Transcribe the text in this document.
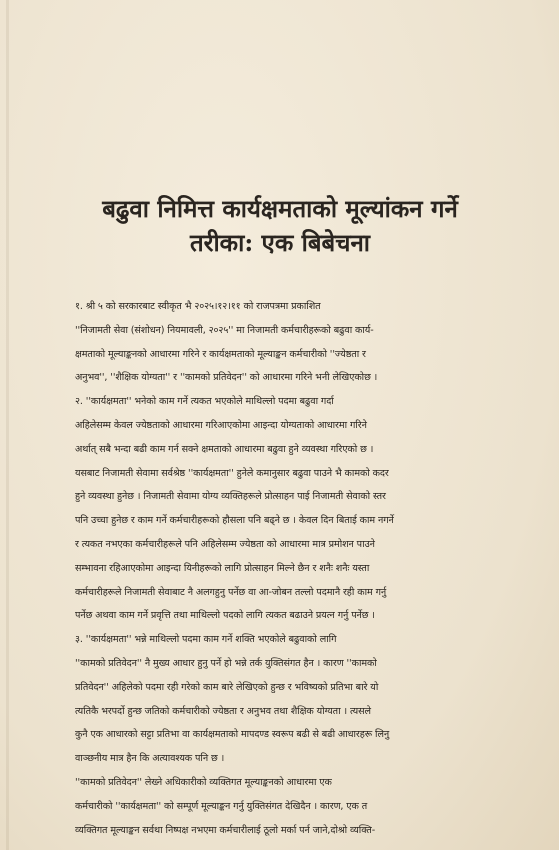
बढुवा निमित्त कार्यक्षमताको मूल्यांकन गर्ने
तरीका: एक बिबेचना
१. श्री ५ को सरकारबाट स्वीकृत भै २०२५।१२।११ को राजपत्रमा प्रकाशित
''निजामती सेवा (संशोधन) नियमावली, २०२५'' मा निजामती कर्मचारीहरूको बढुवा कार्य-
क्षमताको मूल्याङ्कनको आधारमा गरिने र कार्यक्षमताको मूल्याङ्कन कर्मचारीको ''ज्येष्ठता र
अनुभव'', ''शैक्षिक योग्यता'' र ''कामको प्रतिवेदन'' को आधारमा गरिने भनी लेखिएकोछ ।
२. ''कार्यक्षमता'' भनेको काम गर्ने त्यकत भएकोले माथिल्लो पदमा बढुवा गर्दा
अहिलेसम्म केवल ज्येष्ठताको आधारमा गरिआएकोमा आइन्दा योग्यताको आधारमा गरिने
अर्थात् सबै भन्दा बढी काम गर्न सक्ने क्षमताको आधारमा बढुवा हुने व्यवस्था गरिएको छ ।
यसबाट निजामती सेवामा सर्वश्रेष्ठ ''कार्यक्षमता'' हुनेले कमानुसार बढुवा पाउने भै कामको कदर
हुने व्यवस्था हुनेछ । निजामती सेवामा योग्य व्यक्तिहरूले प्रोत्साहन पाई निजामती सेवाको स्तर
पनि उच्चा हुनेछ र काम गर्ने कर्मचारीहरूको हौसला पनि बढ्ने छ । केवल दिन बिताई काम नगर्ने
र त्यकत नभएका कर्मचारीहरूले पनि अहिलेसम्म ज्येष्ठता को आधारमा मात्र प्रमोशन पाउने
सम्भावना रहिआएकोमा आइन्दा यिनीहरूको लागि प्रोत्साहन मिल्ने छैन र शनैः शनैः यस्ता
कर्मचारीहरूले निजामती सेवाबाट नै अलगहुनु पर्नेछ वा आ-जोबन तल्लो पदमानै रही काम गर्नु
पर्नेछ अथवा काम गर्ने प्रवृत्ति तथा माथिल्लो पदको लागि त्यकत बढाउने प्रयत्न गर्नु पर्नेछ ।
३. ''कार्यक्षमता'' भन्ने माथिल्लो पदमा काम गर्ने शक्ति भएकोले बढुवाको लागि
''कामको प्रतिवेदन'' नै मुख्य आधार हुनु पर्ने हो भन्ने तर्क युक्तिसंगत हैन । कारण ''कामको
प्रतिवेदन'' अहिलेको पदमा रही गरेको काम बारे लेखिएको हुन्छ र भविष्यको प्रतिभा बारे यो
त्यतिकै भरपर्दो हुन्छ जतिको कर्मचारीको ज्येष्ठता र अनुभव तथा शैक्षिक योग्यता । त्यसले
कुनै एक आधारको सट्टा प्रतिभा वा कार्यक्षमताको मापदण्ड स्वरूप बढी से बढी आधारहरू लिनु
वाञ्छनीय मात्र हैन कि अत्यावश्यक पनि छ ।
''कामको प्रतिवेदन'' लेख्ने अधिकारीको व्यक्तिगत मूल्याङ्कनको आधारमा एक
कर्मचारीको ''कार्यक्षमता'' को सम्पूर्ण मूल्याङ्कन गर्नु युक्तिसंगत देखिदैन । कारण, एक त
व्यक्तिगत मूल्याङ्कन सर्वथा निष्पक्ष नभएमा कर्मचारीलाई ठूलो मर्का पर्न जाने,दोश्रो व्यक्ति-
